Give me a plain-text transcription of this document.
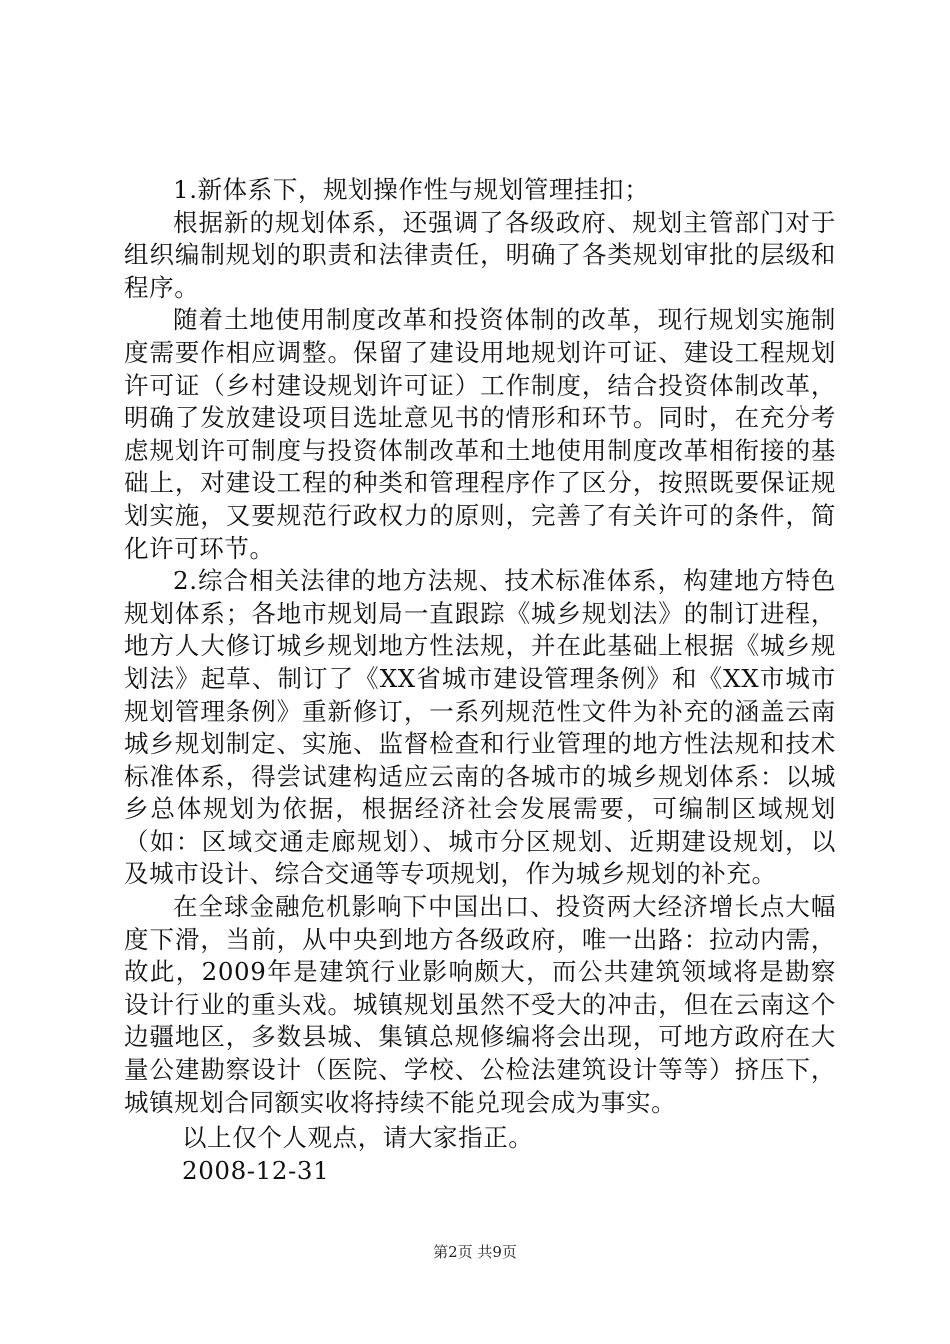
1.新体系下，规划操作性与规划管理挂扣；

根据新的规划体系，还强调了各级政府、规划主管部门对于组织编制规划的职责和法律责任，明确了各类规划审批的层级和程序。

随着土地使用制度改革和投资体制的改革，现行规划实施制度需要作相应调整。保留了建设用地规划许可证、建设工程规划许可证（乡村建设规划许可证）工作制度，结合投资体制改革，明确了发放建设项目选址意见书的情形和环节。同时，在充分考虑规划许可制度与投资体制改革和土地使用制度改革相衔接的基础上，对建设工程的种类和管理程序作了区分，按照既要保证规划实施，又要规范行政权力的原则，完善了有关许可的条件，简化许可环节。

2.综合相关法律的地方法规、技术标准体系，构建地方特色规划体系；各地市规划局一直跟踪《城乡规划法》的制订进程，地方人大修订城乡规划地方性法规，并在此基础上根据《城乡规划法》起草、制订了《XX省城市建设管理条例》和《XX市城市规划管理条例》重新修订，一系列规范性文件为补充的涵盖云南城乡规划制定、实施、监督检查和行业管理的地方性法规和技术标准体系，得尝试建构适应云南的各城市的城乡规划体系：以城乡总体规划为依据，根据经济社会发展需要，可编制区域规划（如：区域交通走廊规划）、城市分区规划、近期建设规划，以及城市设计、综合交通等专项规划，作为城乡规划的补充。

在全球金融危机影响下中国出口、投资两大经济增长点大幅度下滑，当前，从中央到地方各级政府，唯一出路：拉动内需，故此，2009年是建筑行业影响颇大，而公共建筑领域将是勘察设计行业的重头戏。城镇规划虽然不受大的冲击，但在云南这个边疆地区，多数县城、集镇总规修编将会出现，可地方政府在大量公建勘察设计（医院、学校、公检法建筑设计等等）挤压下，城镇规划合同额实收将持续不能兑现会成为事实。

以上仅个人观点，请大家指正。

2008-12-31

第2页 共9页
